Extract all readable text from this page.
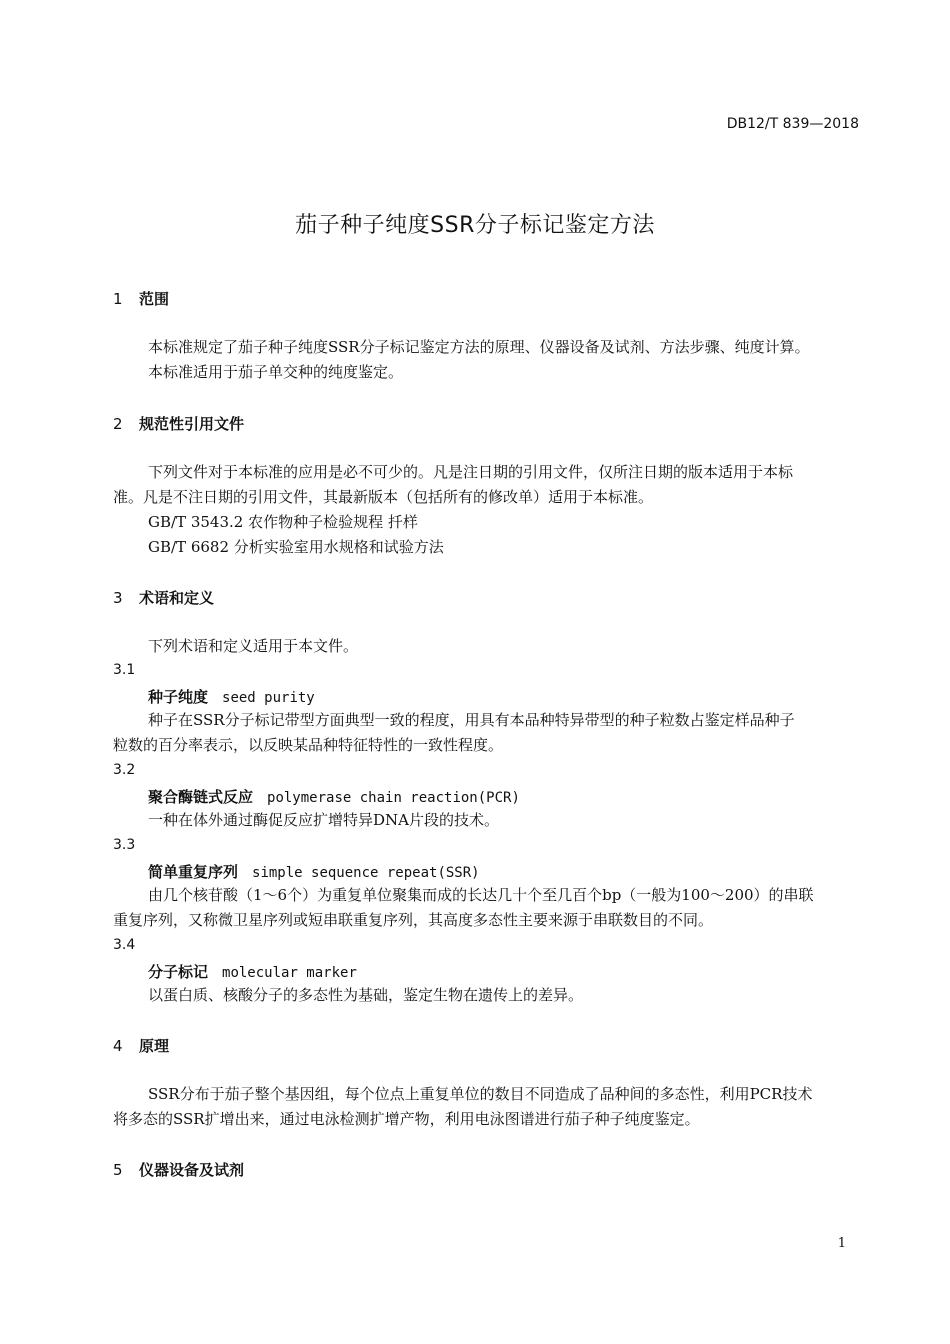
DB12/T 839—2018
茄子种子纯度SSR分子标记鉴定方法
1 范围
本标准规定了茄子种子纯度SSR分子标记鉴定方法的原理、仪器设备及试剂、方法步骤、纯度计算。
本标准适用于茄子单交种的纯度鉴定。
2 规范性引用文件
下列文件对于本标准的应用是必不可少的。凡是注日期的引用文件，仅所注日期的版本适用于本标
准。凡是不注日期的引用文件，其最新版本（包括所有的修改单）适用于本标准。
GB/T 3543.2 农作物种子检验规程 扦样
GB/T 6682 分析实验室用水规格和试验方法
3 术语和定义
下列术语和定义适用于本文件。
3.1
种子纯度 seed purity
种子在SSR分子标记带型方面典型一致的程度，用具有本品种特异带型的种子粒数占鉴定样品种子
粒数的百分率表示，以反映某品种特征特性的一致性程度。
3.2
聚合酶链式反应 polymerase chain reaction(PCR)
一种在体外通过酶促反应扩增特异DNA片段的技术。
3.3
简单重复序列 simple sequence repeat(SSR)
由几个核苷酸（1～6个）为重复单位聚集而成的长达几十个至几百个bp（一般为100～200）的串联
重复序列，又称微卫星序列或短串联重复序列，其高度多态性主要来源于串联数目的不同。
3.4
分子标记 molecular marker
以蛋白质、核酸分子的多态性为基础，鉴定生物在遗传上的差异。
4 原理
SSR分布于茄子整个基因组，每个位点上重复单位的数目不同造成了品种间的多态性，利用PCR技术
将多态的SSR扩增出来，通过电泳检测扩增产物，利用电泳图谱进行茄子种子纯度鉴定。
5 仪器设备及试剂
1
